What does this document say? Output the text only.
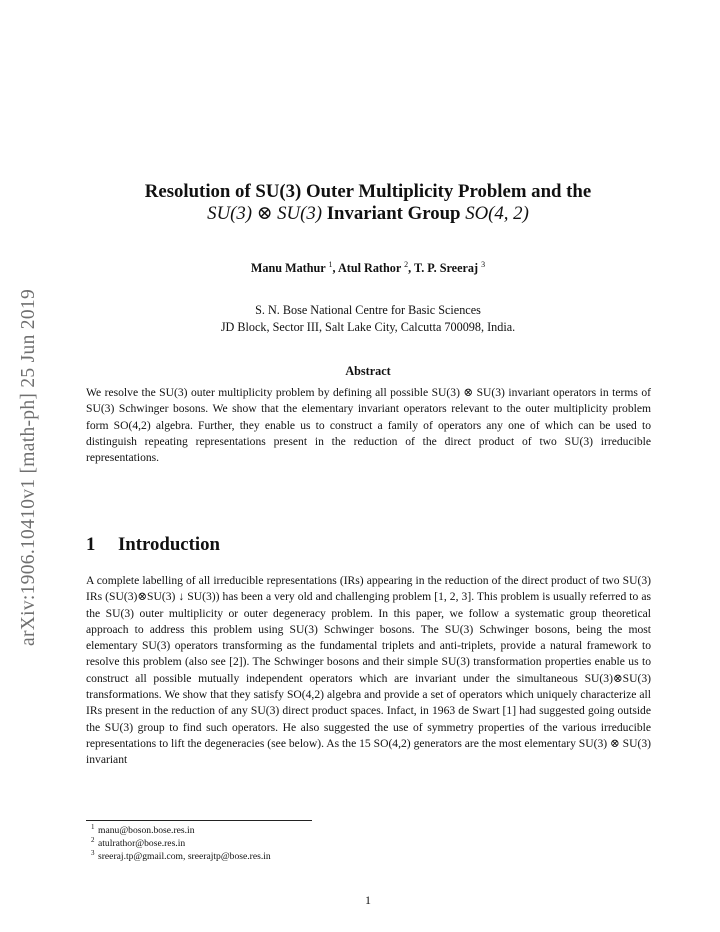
arXiv:1906.10410v1 [math-ph] 25 Jun 2019
Resolution of SU(3) Outer Multiplicity Problem and the
SU(3) ⊗ SU(3) Invariant Group SO(4, 2)
Manu Mathur $^1$, Atul Rathor $^2$, T. P. Sreeraj $^3$
S. N. Bose National Centre for Basic Sciences
JD Block, Sector III, Salt Lake City, Calcutta 700098, India.
Abstract
We resolve the SU(3) outer multiplicity problem by defining all possible SU(3) ⊗ SU(3) invariant operators in terms of SU(3) Schwinger bosons. We show that the elementary invariant operators relevant to the outer multiplicity problem form SO(4,2) algebra. Further, they enable us to construct a family of operators any one of which can be used to distinguish repeating representations present in the reduction of the direct product of two SU(3) irreducible representations.
1 Introduction
A complete labelling of all irreducible representations (IRs) appearing in the reduction of the direct product of two SU(3) IRs (SU(3)⊗SU(3) ↓ SU(3)) has been a very old and challenging problem [1, 2, 3]. This problem is usually referred to as the SU(3) outer multiplicity or outer degeneracy problem. In this paper, we follow a systematic group theoretical approach to address this problem using SU(3) Schwinger bosons. The SU(3) Schwinger bosons, being the most elementary SU(3) operators transforming as the fundamental triplets and anti-triplets, provide a natural framework to resolve this problem (also see [2]). The Schwinger bosons and their simple SU(3) transformation properties enable us to construct all possible mutually independent operators which are invariant under the simultaneous SU(3)⊗SU(3) transformations. We show that they satisfy SO(4,2) algebra and provide a set of operators which uniquely characterize all IRs present in the reduction of any SU(3) direct product spaces. Infact, in 1963 de Swart [1] had suggested going outside the SU(3) group to find such operators. He also suggested the use of symmetry properties of the various irreducible representations to lift the degeneracies (see below). As the 15 SO(4,2) generators are the most elementary SU(3) ⊗ SU(3) invariant
1 manu@boson.bose.res.in
2 atulrathor@bose.res.in
3 sreeraj.tp@gmail.com, sreerajtp@bose.res.in
1
